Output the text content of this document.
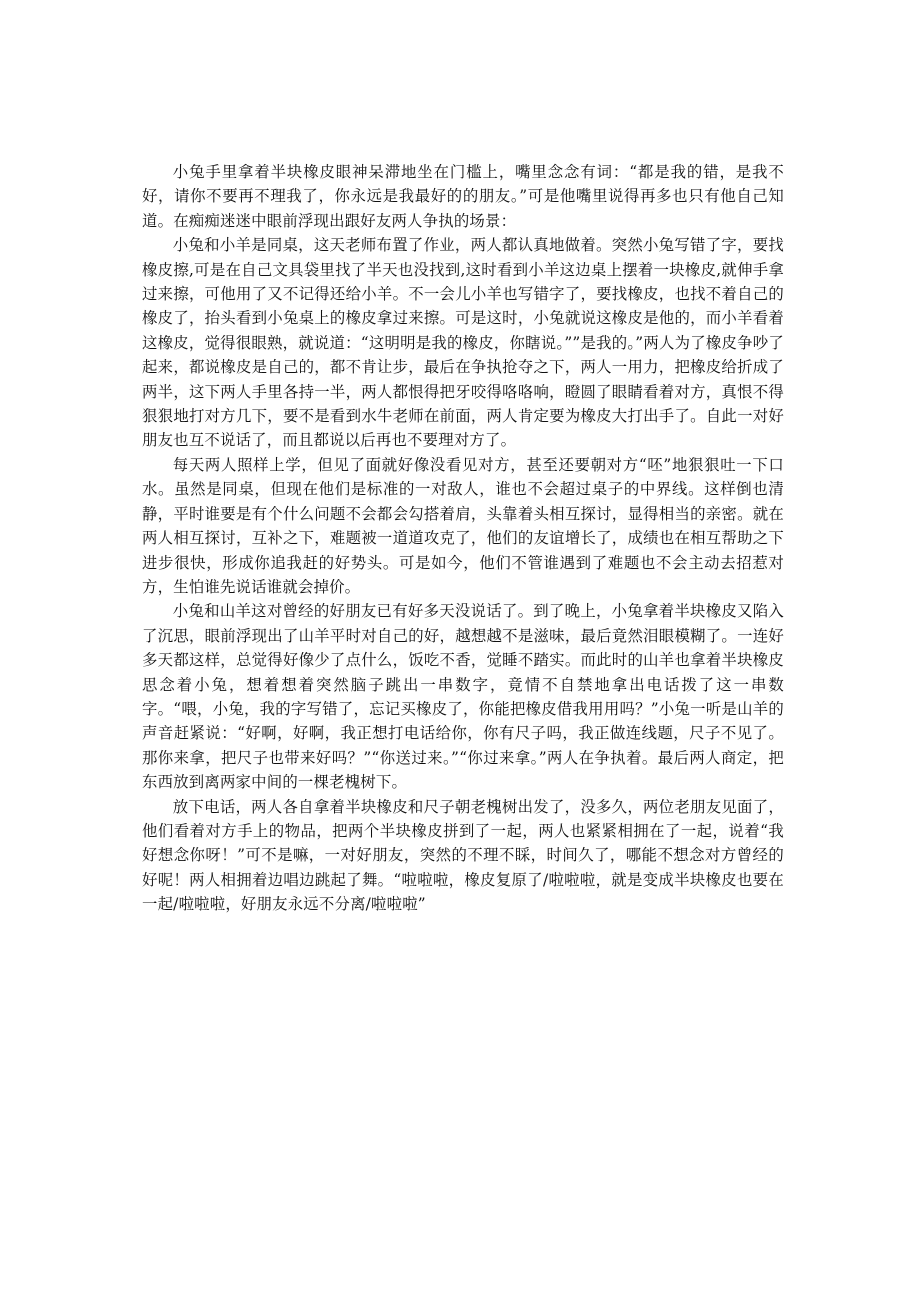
小兔手里拿着半块橡皮眼神呆滞地坐在门槛上，嘴里念念有词：“都是我的错，是我不好，请你不要再不理我了，你永远是我最好的的朋友。”可是他嘴里说得再多也只有他自己知道。在痴痴迷迷中眼前浮现出跟好友两人争执的场景：

小兔和小羊是同桌，这天老师布置了作业，两人都认真地做着。突然小兔写错了字，要找橡皮擦,可是在自己文具袋里找了半天也没找到,这时看到小羊这边桌上摆着一块橡皮,就伸手拿过来擦，可他用了又不记得还给小羊。不一会儿小羊也写错字了，要找橡皮，也找不着自己的橡皮了，抬头看到小兔桌上的橡皮拿过来擦。可是这时，小兔就说这橡皮是他的，而小羊看着这橡皮，觉得很眼熟，就说道：“这明明是我的橡皮，你瞎说。””是我的。”两人为了橡皮争吵了起来，都说橡皮是自己的，都不肯让步，最后在争执抢夺之下，两人一用力，把橡皮给折成了两半，这下两人手里各持一半，两人都恨得把牙咬得咯咯响，瞪圆了眼睛看着对方，真恨不得狠狠地打对方几下，要不是看到水牛老师在前面，两人肯定要为橡皮大打出手了。自此一对好朋友也互不说话了，而且都说以后再也不要理对方了。

每天两人照样上学，但见了面就好像没看见对方，甚至还要朝对方“呸”地狠狠吐一下口水。虽然是同桌，但现在他们是标准的一对敌人，谁也不会超过桌子的中界线。这样倒也清静，平时谁要是有个什么问题不会都会勾搭着肩，头靠着头相互探讨，显得相当的亲密。就在两人相互探讨，互补之下，难题被一道道攻克了，他们的友谊增长了，成绩也在相互帮助之下进步很快，形成你追我赶的好势头。可是如今，他们不管谁遇到了难题也不会主动去招惹对方，生怕谁先说话谁就会掉价。

小兔和山羊这对曾经的好朋友已有好多天没说话了。到了晚上，小兔拿着半块橡皮又陷入了沉思，眼前浮现出了山羊平时对自己的好，越想越不是滋味，最后竟然泪眼模糊了。一连好多天都这样，总觉得好像少了点什么，饭吃不香，觉睡不踏实。而此时的山羊也拿着半块橡皮思念着小兔，想着想着突然脑子跳出一串数字，竟情不自禁地拿出电话拨了这一串数字。“喂，小兔，我的字写错了，忘记买橡皮了，你能把橡皮借我用用吗？”小兔一听是山羊的声音赶紧说：“好啊，好啊，我正想打电话给你，你有尺子吗，我正做连线题，尺子不见了。那你来拿，把尺子也带来好吗？”“你送过来。”“你过来拿。”两人在争执着。最后两人商定，把东西放到离两家中间的一棵老槐树下。

放下电话，两人各自拿着半块橡皮和尺子朝老槐树出发了，没多久，两位老朋友见面了，他们看着对方手上的物品，把两个半块橡皮拼到了一起，两人也紧紧相拥在了一起，说着“我好想念你呀！”可不是嘛，一对好朋友，突然的不理不睬，时间久了，哪能不想念对方曾经的好呢！两人相拥着边唱边跳起了舞。“啦啦啦，橡皮复原了/啦啦啦，就是变成半块橡皮也要在一起/啦啦啦，好朋友永远不分离/啦啦啦”
